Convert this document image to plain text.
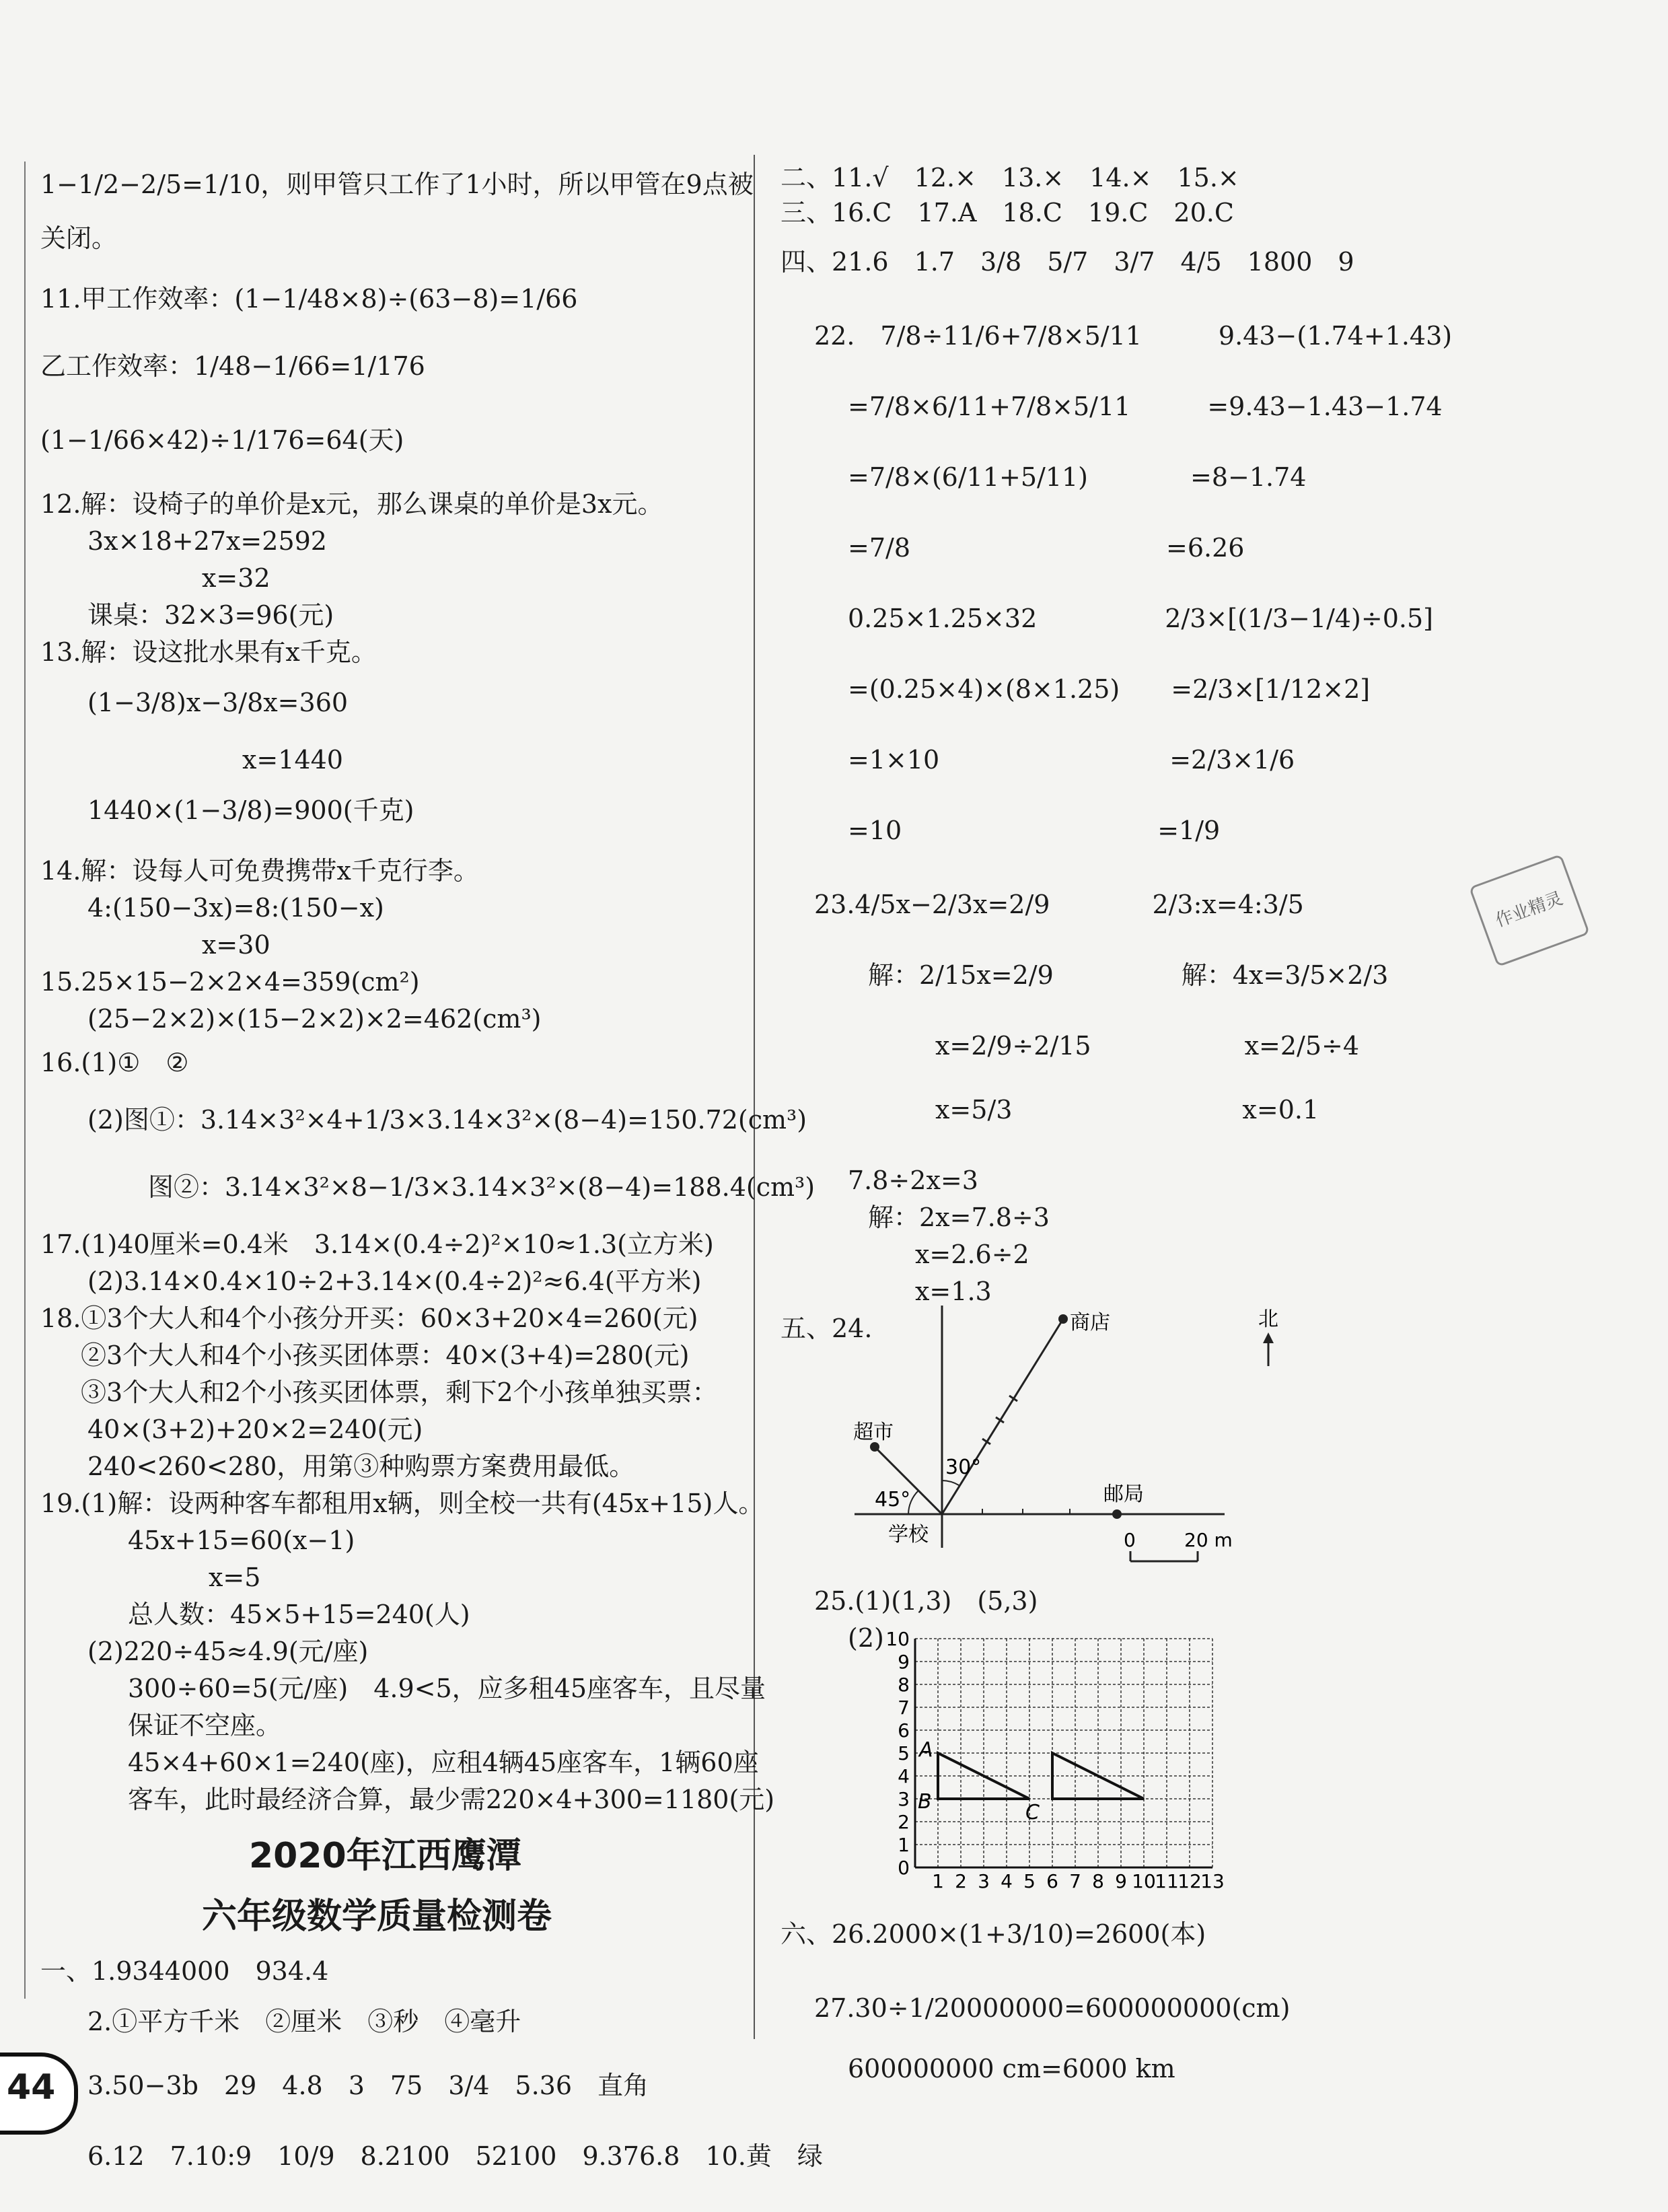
1−1/2−2/5=1/10，则甲管只工作了1小时，所以甲管在9点被
关闭。
11.甲工作效率：(1−1/48×8)÷(63−8)=1/66
乙工作效率：1/48−1/66=1/176
(1−1/66×42)÷1/176=64(天)
12.解：设椅子的单价是x元，那么课桌的单价是3x元。
3x×18+27x=2592
x=32
课桌：32×3=96(元)
13.解：设这批水果有x千克。
(1−3/8)x−3/8x=360
x=1440
1440×(1−3/8)=900(千克)
14.解：设每人可免费携带x千克行李。
4:(150−3x)=8:(150−x)
x=30
15.25×15−2×2×4=359(cm²)
(25−2×2)×(15−2×2)×2=462(cm³)
16.(1)①　②
(2)图①：3.14×3²×4+1/3×3.14×3²×(8−4)=150.72(cm³)
图②：3.14×3²×8−1/3×3.14×3²×(8−4)=188.4(cm³)
17.(1)40厘米=0.4米　3.14×(0.4÷2)²×10≈1.3(立方米)
(2)3.14×0.4×10÷2+3.14×(0.4÷2)²≈6.4(平方米)
18.①3个大人和4个小孩分开买：60×3+20×4=260(元)
②3个大人和4个小孩买团体票：40×(3+4)=280(元)
③3个大人和2个小孩买团体票，剩下2个小孩单独买票：
40×(3+2)+20×2=240(元)
240<260<280，用第③种购票方案费用最低。
19.(1)解：设两种客车都租用x辆，则全校一共有(45x+15)人。
45x+15=60(x−1)
x=5
总人数：45×5+15=240(人)
(2)220÷45≈4.9(元/座)
300÷60=5(元/座)　4.9<5，应多租45座客车，且尽量
保证不空座。
45×4+60×1=240(座)，应租4辆45座客车，1辆60座
客车，此时最经济合算，最少需220×4+300=1180(元)
2020年江西鹰潭
六年级数学质量检测卷
一、1.9344000　934.4
2.①平方千米　②厘米　③秒　④毫升
3.50−3b　29　4.8　3　75　3/4　5.36　直角
6.12　7.10:9　10/9　8.2100　52100　9.376.8　10.黄　绿
二、11.√　12.×　13.×　14.×　15.×
三、16.C　17.A　18.C　19.C　20.C
四、21.6　1.7　3/8　5/7　3/7　4/5　1800　9
22.　7/8÷11/6+7/8×5/11　　　9.43−(1.74+1.43)
=7/8×6/11+7/8×5/11　　　=9.43−1.43−1.74
=7/8×(6/11+5/11)　　　　=8−1.74
=7/8　　　　　　　　　　=6.26
0.25×1.25×32　　　　　2/3×[(1/3−1/4)÷0.5]
=(0.25×4)×(8×1.25)　　=2/3×[1/12×2]
=1×10　　　　　　　　　=2/3×1/6
=10　　　　　　　　　　=1/9
23.4/5x−2/3x=2/9　　　　2/3:x=4:3/5
解：2/15x=2/9　　　　　解：4x=3/5×2/3
x=2/9÷2/15　　　　　　x=2/5÷4
x=5/3　　　　　　　　　x=0.1
7.8÷2x=3
解：2x=7.8÷3
x=2.6÷2
x=1.3
五、24.	商店	北
超市
30°
45°	邮局
学校	0	20 m
25.(1)(1,3)　(5,3)
(2) 10
9
8
7
6
5
4
3
2
1
0
1 2 3 4 5 6 7 8 9 10
11
12
13
A
B	C
六、26.2000×(1+3/10)=2600(本)
27.30÷1/20000000=600000000(cm)
600000000 cm=6000 km
作业精灵
44
